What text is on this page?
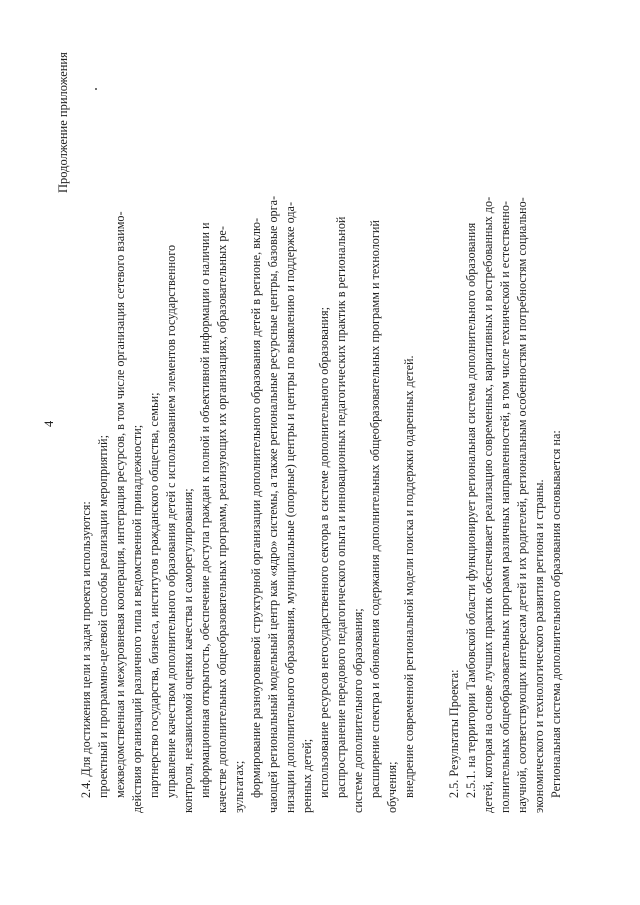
4
Продолжение приложения
2.4. Для достижения цели и задач проекта используются: проектный и программно-целевой способы реализации мероприятий; межведомственная и межуровневая кооперация, интеграция ресурсов, в том числе организация сетевого взаимо- действия организаций различного типа и ведомственной принадлежности; партнерство государства, бизнеса, институтов гражданского общества, семьи; управление качеством дополнительного образования детей с использованием элементов государственного контроля, независимой оценки качества и саморегулирования; информационная открытость, обеспечение доступа граждан к полной и объективной информации о наличии и качестве дополнительных общеобразовательных программ, реализующих их организациях, образовательных ре- зультатах; формирование разноуровневой структурной организации дополнительного образования детей в регионе, вклю- чающей региональный модельный центр как «ядро» системы, а также региональные ресурсные центры, базовые орга- низации дополнительного образования, муниципальные (опорные) центры и центры по выявлению и поддержке ода- ренных детей; использование ресурсов негосударственного сектора в системе дополнительного образования; распространение передового педагогического опыта и инновационных педагогических практик в региональной системе дополнительного образования; расширение спектра и обновления содержания дополнительных общеобразовательных программ и технологий обучения; внедрение современной региональной модели поиска и поддержки одаренных детей.	2.5. Результаты Проекта: 2.5.1. на территории Тамбовской области функционирует региональная система дополнительного образования детей, которая на основе лучших практик обеспечивает реализацию современных, вариативных и востребованных до- полнительных общеобразовательных программ различных направленностей, в том числе технической и естественно- научной, соответствующих интересам детей и их родителей, региональным особенностям и потребностям социально- экономического и технологического развития региона и страны. Региональная система дополнительного образования основывается на:
